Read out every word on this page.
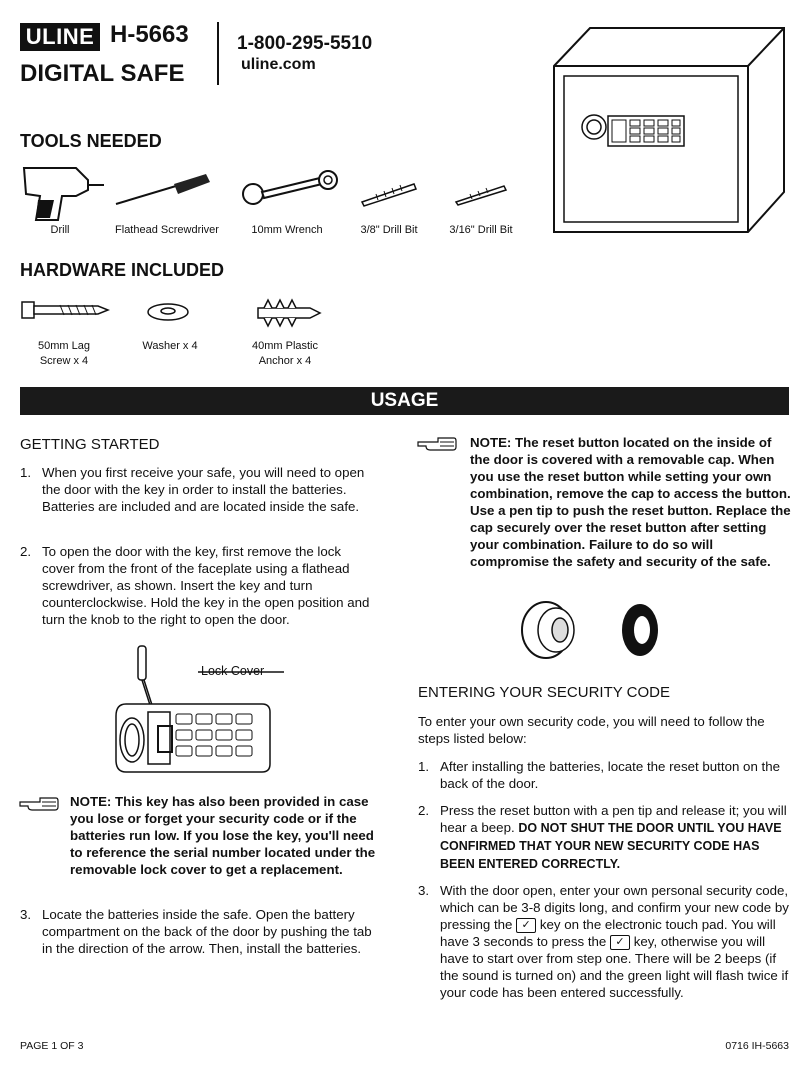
ULINE H-5663
DIGITAL SAFE
1-800-295-5510
uline.com
TOOLS NEEDED
Drill	Flathead Screwdriver	10mm Wrench	3/8" Drill Bit	3/16" Drill Bit
HARDWARE INCLUDED
50mm Lag
Screw x 4
Washer x 4	40mm Plastic
Anchor x 4
USAGE
GETTING STARTED
1. When you first receive your safe, you will need to open the door with the key in order to install the batteries. Batteries are included and are located inside the safe.
2. To open the door with the key, first remove the lock cover from the front of the faceplate using a flathead screwdriver, as shown. Insert the key and turn counterclockwise. Hold the key in the open position and turn the knob to the right to open the door.
Lock Cover
NOTE: This key has also been provided in case you lose or forget your security code or if the batteries run low. If you lose the key, you'll need to reference the serial number located under the removable lock cover to get a replacement.
3. Locate the batteries inside the safe. Open the battery compartment on the back of the door by pushing the tab in the direction of the arrow. Then, install the batteries.
NOTE: The reset button located on the inside of the door is covered with a removable cap. When you use the reset button while setting your own combination, remove the cap to access the button. Use a pen tip to push the reset button. Replace the cap securely over the reset button after setting your combination. Failure to do so will compromise the safety and security of the safe.
ENTERING YOUR SECURITY CODE
To enter your own security code, you will need to follow the steps listed below:
1. After installing the batteries, locate the reset button on the back of the door.
2. Press the reset button with a pen tip and release it; you will hear a beep. DO NOT SHUT THE DOOR UNTIL YOU HAVE CONFIRMED THAT YOUR NEW SECURITY CODE HAS BEEN ENTERED CORRECTLY.
3. With the door open, enter your own personal security code, which can be 3-8 digits long, and confirm your new code by pressing the ✓ key on the electronic touch pad. You will have 3 seconds to press the ✓ key, otherwise you will have to start over from step one. There will be 2 beeps (if the sound is turned on) and the green light will flash twice if your code has been entered successfully.
PAGE 1 OF 3	0716 IH-5663
